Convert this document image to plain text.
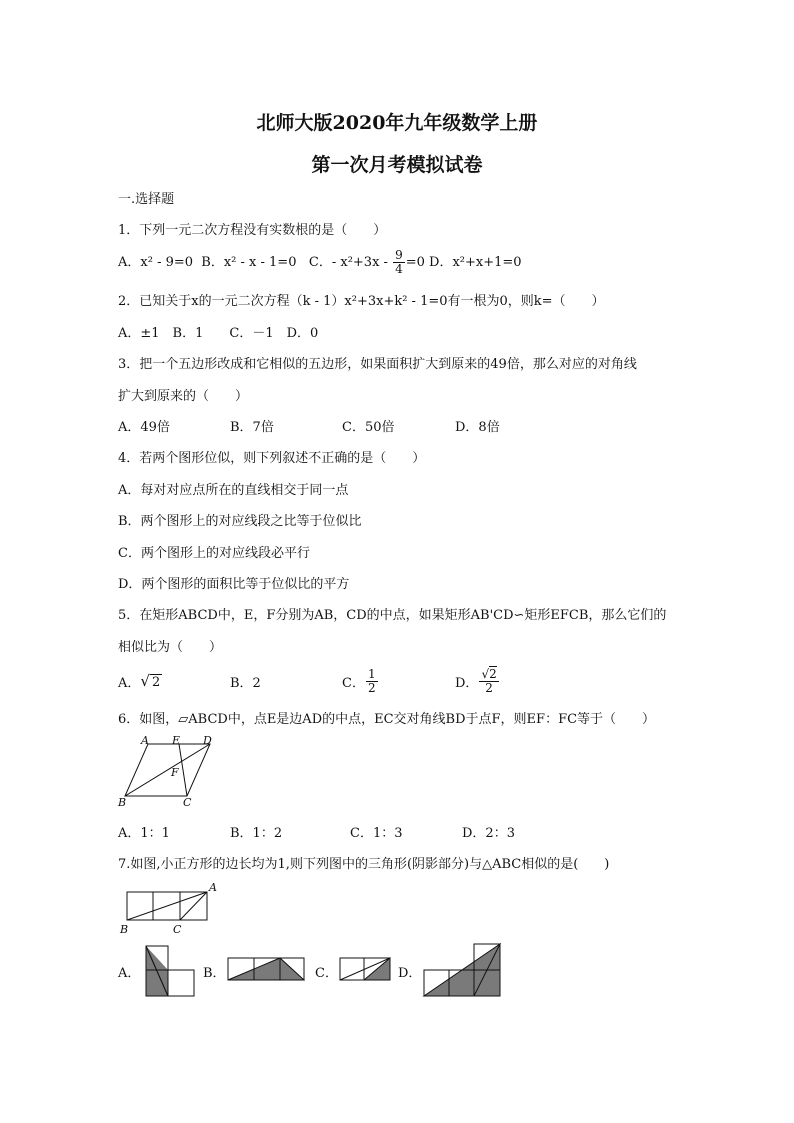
北师大版2020年九年级数学上册
第一次月考模拟试卷
一.选择题
1．下列一元二次方程没有实数根的是（　　）
A．x² - 9=0 B．x² - x - 1=0 C．- $x^2+3x - \frac{9}{4} =0$ D．x²+x+1=0
2．已知关于x的一元二次方程（k - 1）x²+3x+k² - 1=0有一根为0，则k=（　　）
A．±1　B．1　　C．－1　D．0
3．把一个五边形改成和它相似的五边形，如果面积扩大到原来的49倍，那么对应的对角线
扩大到原来的（　　）
A．49倍	B．7倍	C．50倍	D．8倍
4．若两个图形位似，则下列叙述不正确的是（　　）
A．每对对应点所在的直线相交于同一点
B．两个图形上的对应线段之比等于位似比
C．两个图形上的对应线段必平行
D．两个图形的面积比等于位似比的平方
5．在矩形ABCD中，E，F分别为AB，CD的中点，如果矩形AB'CD∽矩形EFCB，那么它们的
相似比为（　　）
A． √ 2	B．2	C． $\frac{1}{2}$	D． $\frac{√2}{2}$
6．如图，▱ABCD中，点E是边AD的中点，EC交对角线BD于点F，则EF：FC等于（　　）
A E D
F
B	C
A．1：1	B．1：2	C．1：3	D．2：3
7.如图,小正方形的边长均为1,则下列图中的三角形(阴影部分)与△ABC相似的是(　　)
A
B	C
A．	B．	C．	D．
